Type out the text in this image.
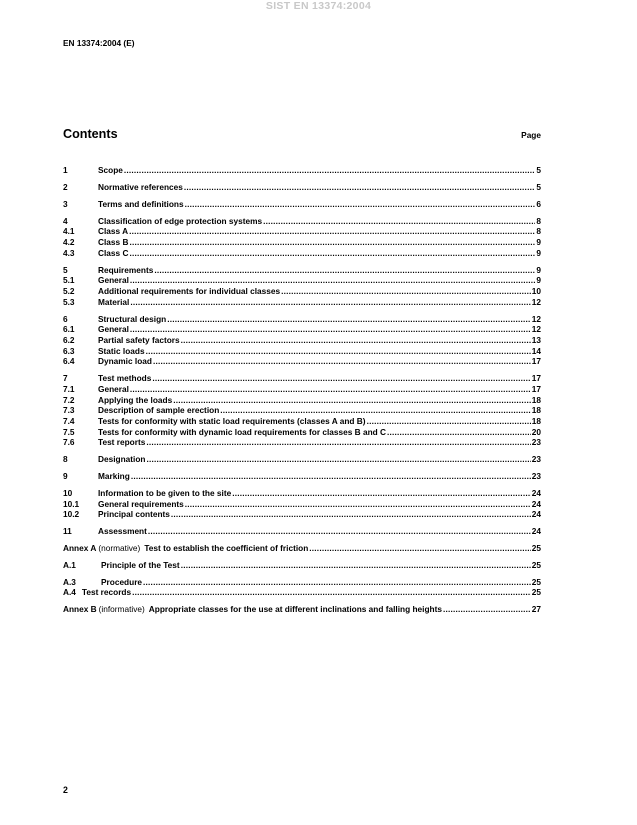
SIST EN 13374:2004
EN 13374:2004 (E)
Contents	Page
1	Scope .....	5
2	Normative references .....	5
3	Terms and definitions .....	6
4	Classification of edge protection systems .....	8
4.1	Class A .....	8
4.2	Class B .....	9
4.3	Class C .....	9
5	Requirements .....	9
5.1	General .....	9
5.2	Additional requirements for individual classes .....	10
5.3	Material .....	12
6	Structural design .....	12
6.1	General .....	12
6.2	Partial safety factors .....	13
6.3	Static loads .....	14
6.4	Dynamic load .....	17
7	Test methods .....	17
7.1	General .....	17
7.2	Applying the loads .....	18
7.3	Description of sample erection .....	18
7.4	Tests for conformity with static load requirements (classes A and B) .....	18
7.5	Tests for conformity with dynamic load requirements for classes B and C .....	20
7.6	Test reports .....	23
8	Designation .....	23
9	Marking .....	23
10	Information to be given to the site .....	24
10.1	General requirements .....	24
10.2	Principal contents .....	24
11	Assessment .....	24
Annex A (normative) Test to establish the coefficient of friction .....	25
A.1	Principle of the Test .....	25
A.3	Procedure .....	25
A.4 Test records .....	25
Annex B (informative) Appropriate classes for the use at different inclinations and falling heights .....	27
2
